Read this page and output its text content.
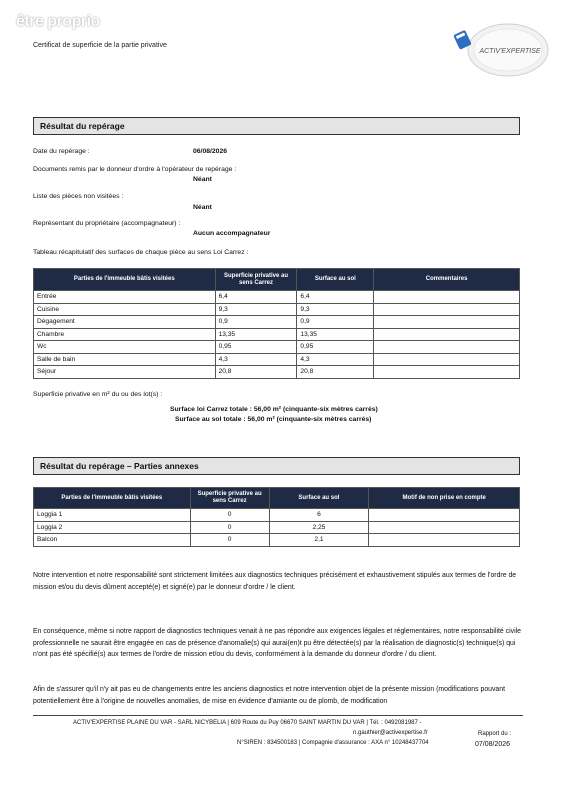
être proprio
Certificat de superficie de la partie privative
ACTIV'EXPERTISE
Résultat du repérage
Date du repérage :	06/08/2026
Documents remis par le donneur d'ordre à l'opérateur de repérage :
Néant
Liste des pièces non visitées :
Néant
Représentant du propriétaire (accompagnateur) :
Aucun accompagnateur
Tableau récapitulatif des surfaces de chaque pièce au sens Loi Carrez :
Parties de l'immeuble bâtis visitées	Superficie privative au sens Carrez	Surface au sol	Commentaires
Entrée	6,4	6,4	
Cuisine	9,3	9,3	
Dégagement	0,9	0,9	
Chambre	13,35	13,35	
Wc	0,95	0,95	
Salle de bain	4,3	4,3	
Séjour	20,8	20,8	
Superficie privative en m² du ou des lot(s) :
Surface loi Carrez totale : 56,00 m² (cinquante-six mètres carrés)
Surface au sol totale : 56,00 m² (cinquante-six mètres carrés)
Résultat du repérage – Parties annexes
Parties de l'immeuble bâtis visitées	Superficie privative au sens Carrez	Surface au sol	Motif de non prise en compte
Loggia 1	0	6	
Loggia 2	0	2,25	
Balcon	0	2,1	
Notre intervention et notre responsabilité sont strictement limitées aux diagnostics techniques précisément et exhaustivement stipulés aux termes de l'ordre de mission et/ou du devis dûment accepté(e) et signé(e) par le donneur d'ordre / le client.
En conséquence, même si notre rapport de diagnostics techniques venait à ne pas répondre aux exigences légales et réglementaires, notre responsabilité civile professionnelle ne saurait être engagée en cas de présence d'anomalie(s) qui aurai(en)t pu être détectée(s) par la réalisation de diagnostic(s) technique(s) qui n'ont pas été spécifié(s) aux termes de l'ordre de mission et/ou du devis, conformément à la demande du donneur d'ordre / du client.
Afin de s'assurer qu'il n'y ait pas eu de changements entre les anciens diagnostics et notre intervention objet de la présente mission (modifications pouvant potentiellement être à l'origine de nouvelles anomalies, de mise en évidence d'amiante ou de plomb, de modification
ACTIV'EXPERTISE PLAINE DU VAR - SARL NICYBELIA | 609 Route du Puy 06670 SAINT MARTIN DU VAR | Tél. : 0492081987 -
n.gauthier@activexpertise.fr
N°SIREN : 834500183 | Compagnie d'assurance : AXA n° 10248437704
Rapport du :
07/08/2026
